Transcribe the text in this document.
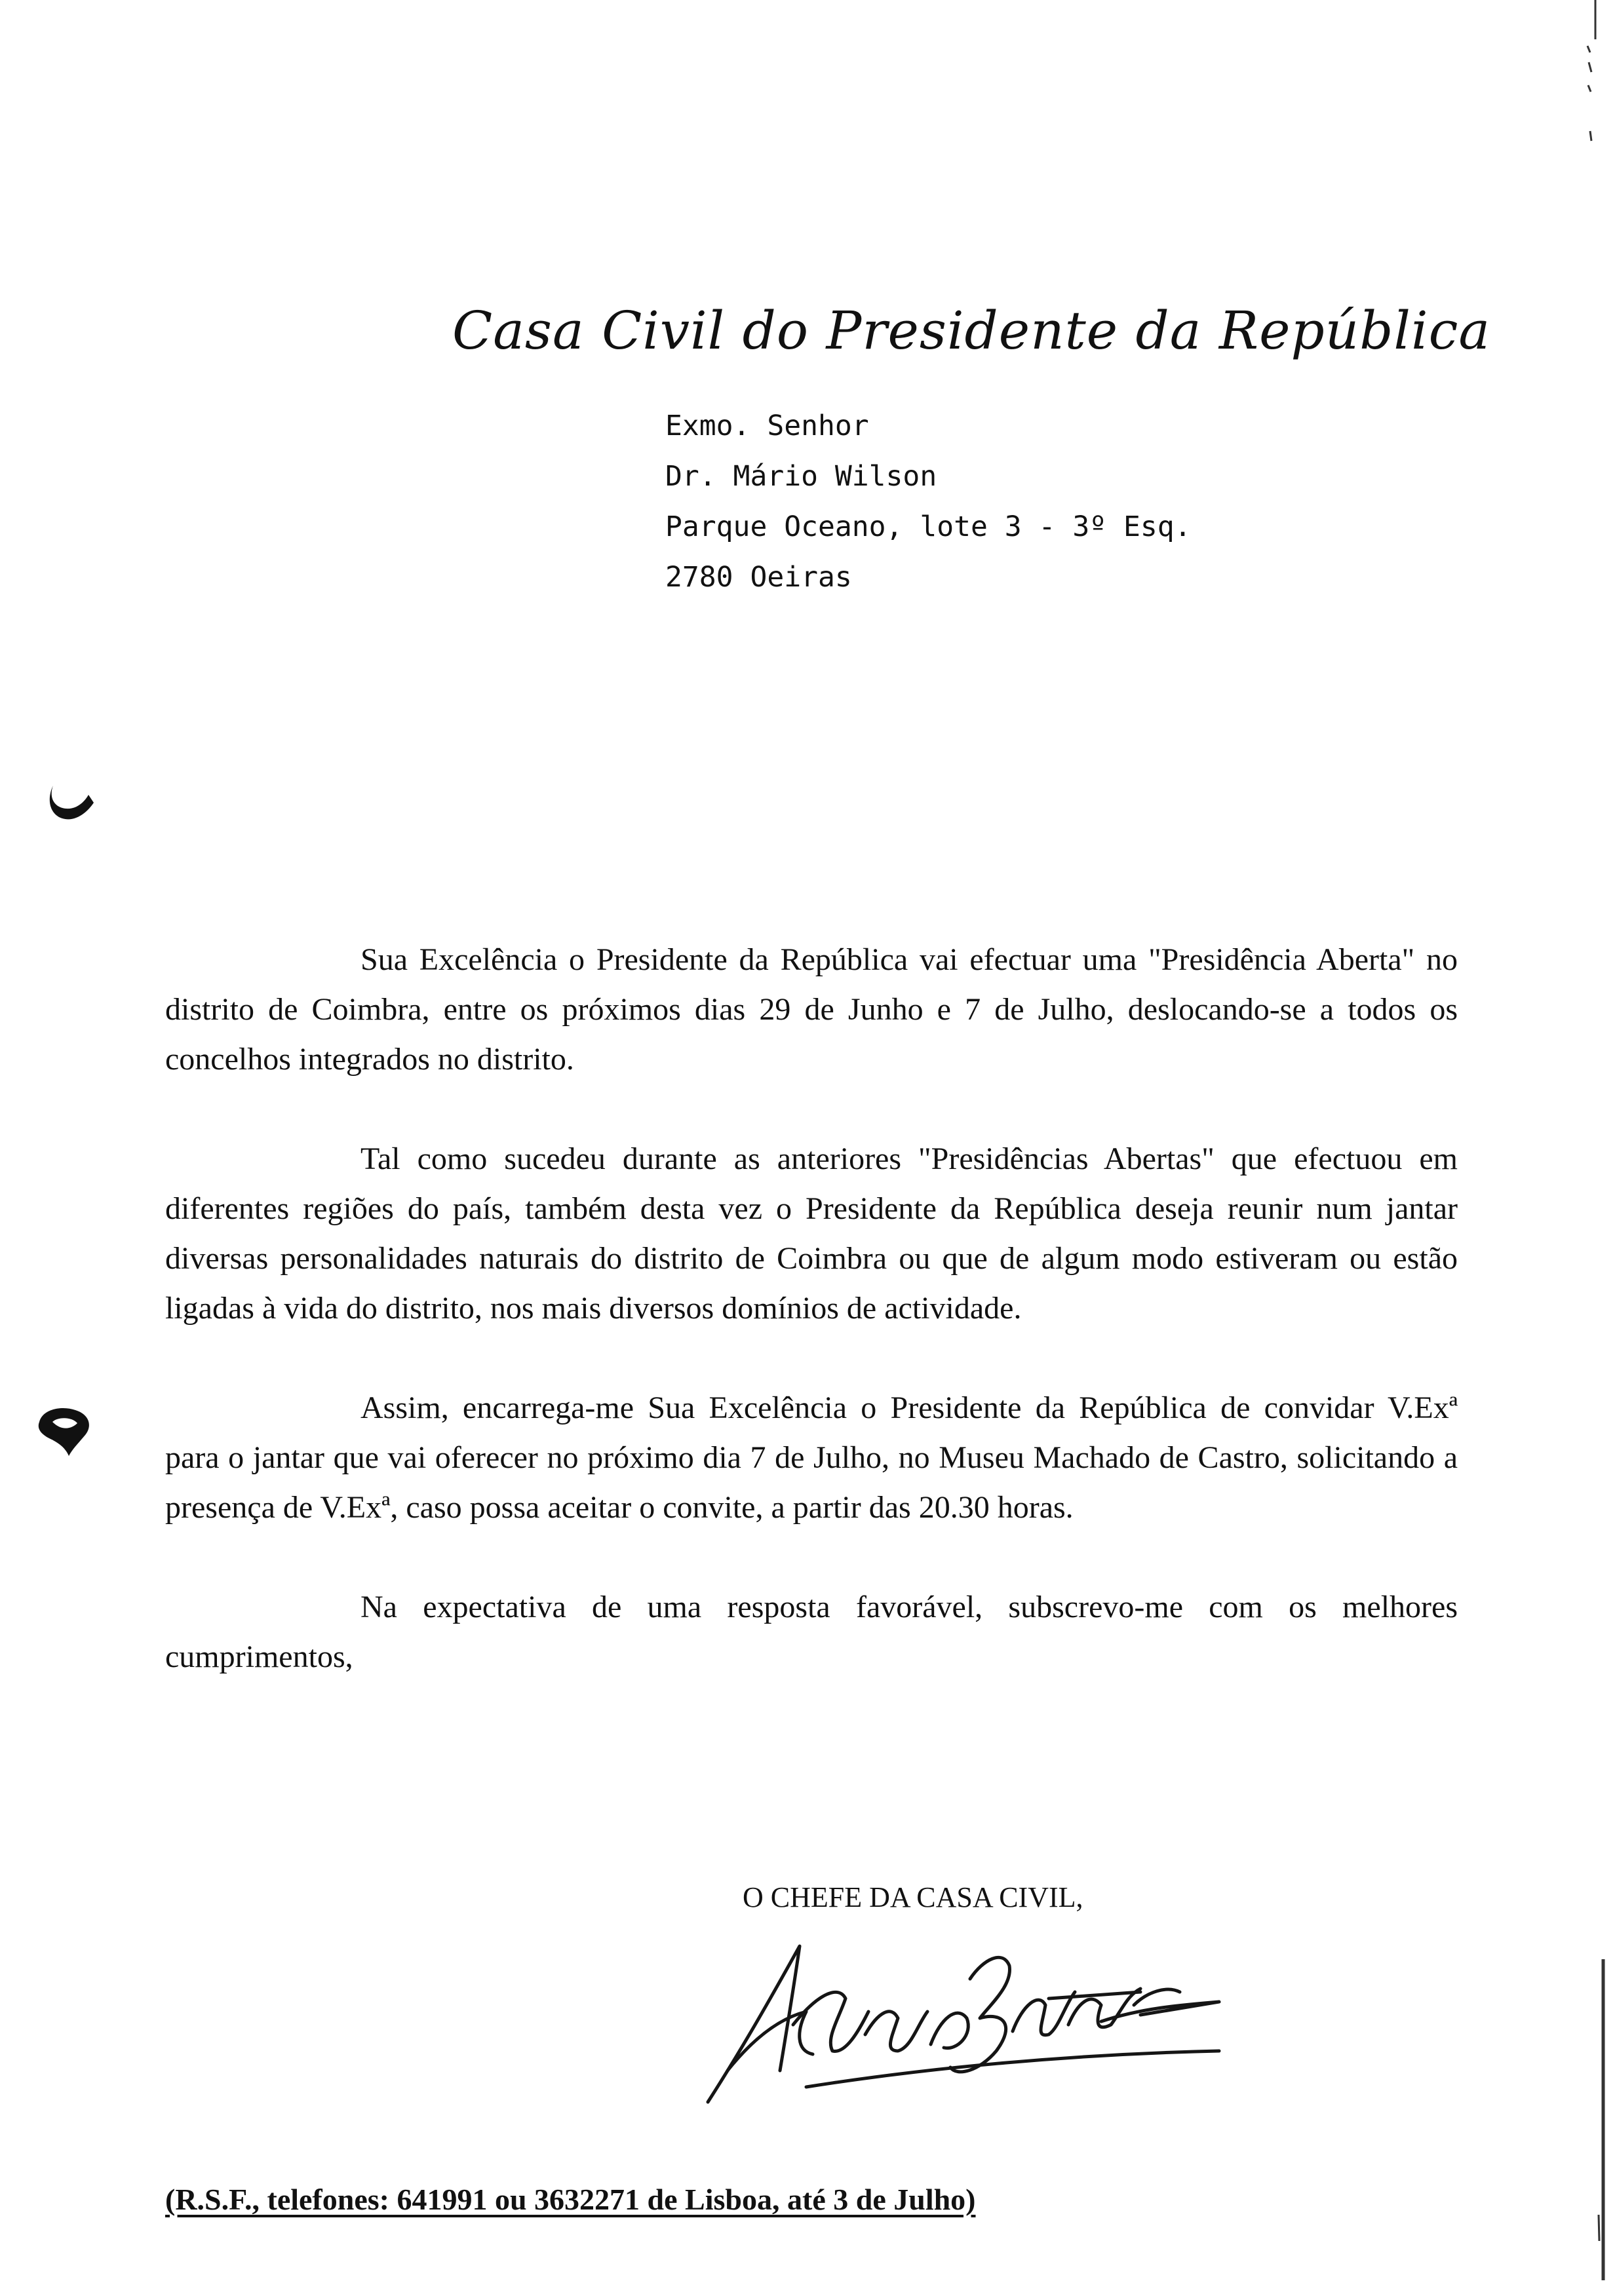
Casa Civil do Presidente da República
Exmo. Senhor
Dr. Mário Wilson
Parque Oceano, lote 3 - 3º Esq.
2780 Oeiras

Sua Excelência o Presidente da República vai efectuar uma "Presidência Aberta" no distrito de Coimbra, entre os próximos dias 29 de Junho e 7 de Julho, deslocando-se a todos os concelhos integrados no distrito.

Tal como sucedeu durante as anteriores "Presidências Abertas" que efectuou em diferentes regiões do país, também desta vez o Presidente da República deseja reunir num jantar diversas personalidades naturais do distrito de Coimbra ou que de algum modo estiveram ou estão ligadas à vida do distrito, nos mais diversos domínios de actividade.

Assim, encarrega-me Sua Excelência o Presidente da República de convidar V.Exª para o jantar que vai oferecer no próximo dia 7 de Julho, no Museu Machado de Castro, solicitando a presença de V.Exª, caso possa aceitar o convite, a partir das 20.30 horas.

Na expectativa de uma resposta favorável, subscrevo-me com os melhores cumprimentos,

O CHEFE DA CASA CIVIL,
(R.S.F., telefones: 641991 ou 3632271 de Lisboa, até 3 de Julho)
